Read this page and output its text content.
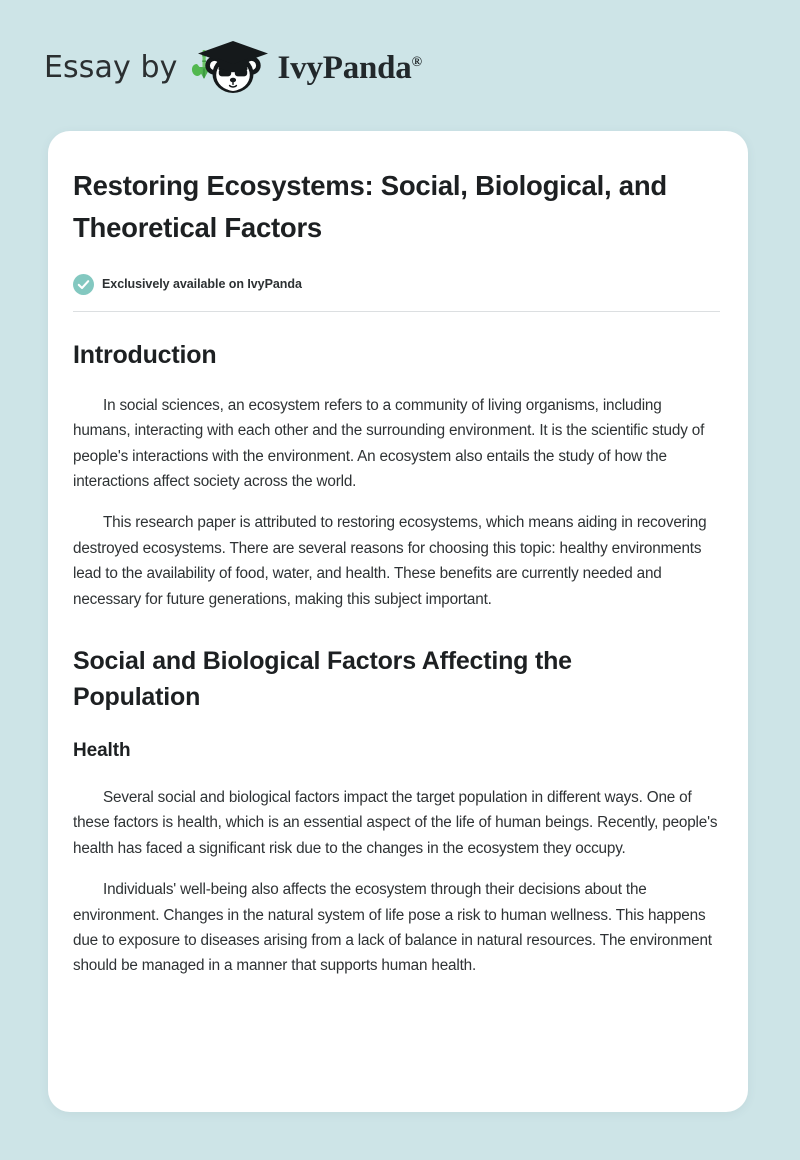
Essay by	IvyPanda®
Restoring Ecosystems: Social, Biological, and Theoretical Factors
Exclusively available on IvyPanda
Introduction

In social sciences, an ecosystem refers to a community of living organisms, including humans, interacting with each other and the surrounding environment. It is the scientific study of people's interactions with the environment. An ecosystem also entails the study of how the interactions affect society across the world.

This research paper is attributed to restoring ecosystems, which means aiding in recovering destroyed ecosystems. There are several reasons for choosing this topic: healthy environments lead to the availability of food, water, and health. These benefits are currently needed and necessary for future generations, making this subject important.

Social and Biological Factors Affecting the Population
Health

Several social and biological factors impact the target population in different ways. One of these factors is health, which is an essential aspect of the life of human beings. Recently, people's health has faced a significant risk due to the changes in the ecosystem they occupy.

Individuals' well-being also affects the ecosystem through their decisions about the environment. Changes in the natural system of life pose a risk to human wellness. This happens due to exposure to diseases arising from a lack of balance in natural resources. The environment should be managed in a manner that supports human health.
